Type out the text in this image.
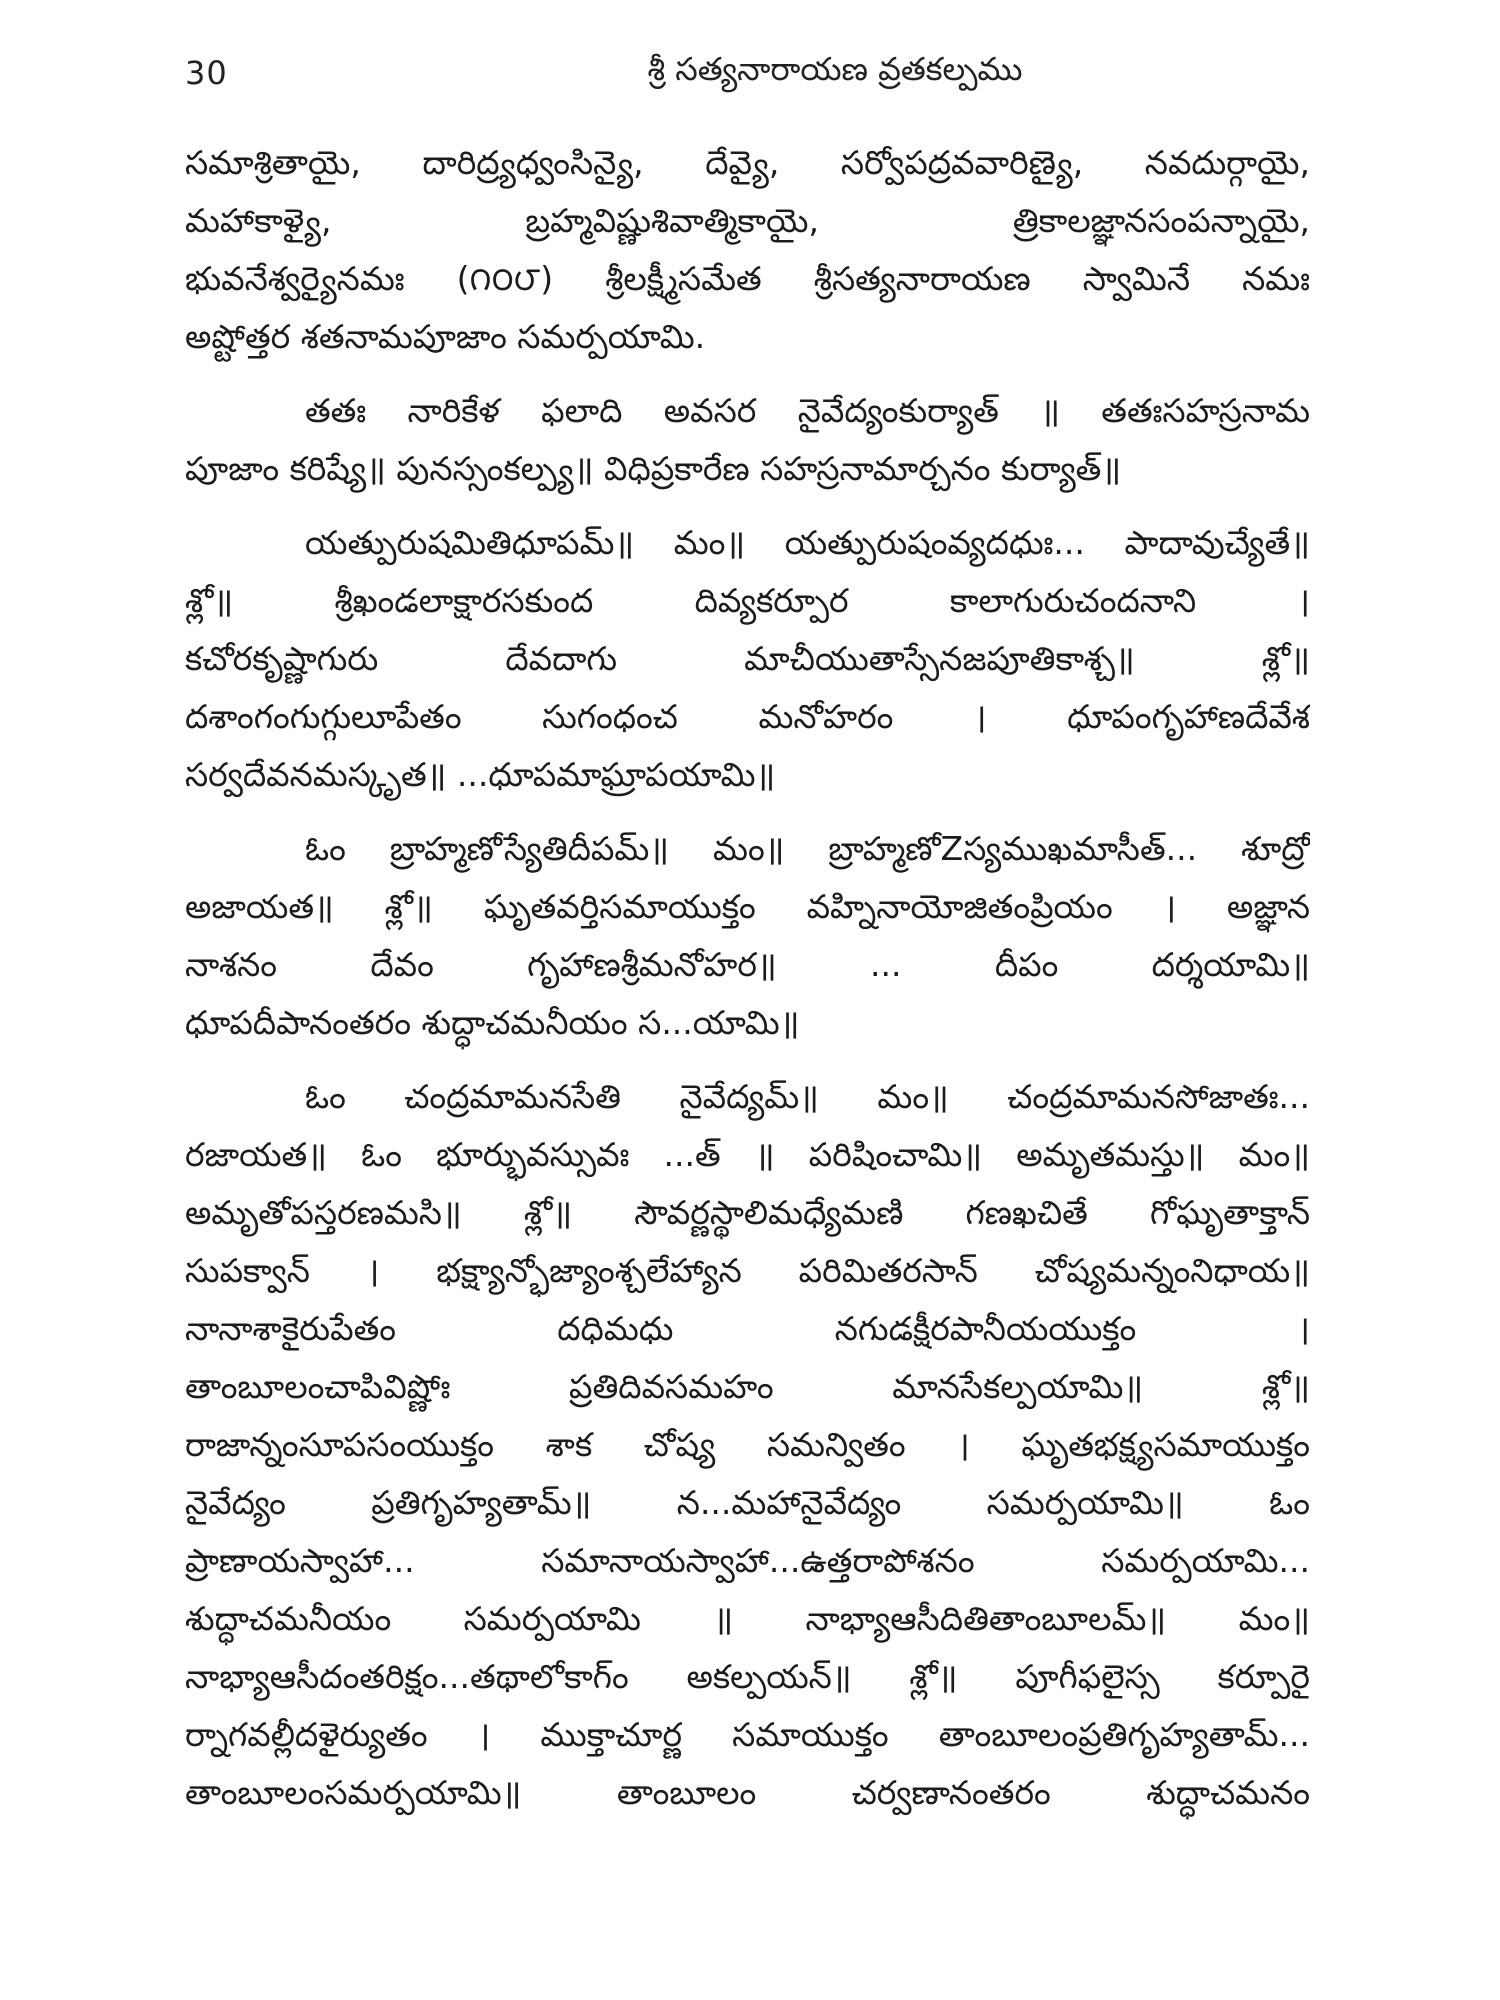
30	శ్రీ సత్యనారాయణ వ్రతకల్పము
సమాశ్రితాయై, దారిద్ర్యధ్వంసిన్యై, దేవ్యై, సర్వోపద్రవవారిణ్యై, నవదుర్గాయై,
మహాకాళ్యై, బ్రహ్మవిష్ణుశివాత్మికాయై, త్రికాలజ్ఞానసంపన్నాయై,
భువనేశ్వర్యైనమః (౧౦౮) శ్రీలక్ష్మీసమేత శ్రీసత్యనారాయణ స్వామినే నమః
అష్టోత్తర శతనామపూజాం సమర్పయామి.
తతః నారికేళ ఫలాది అవసర నైవేద్యంకుర్యాత్ ॥ తతఃసహస్రనామ
పూజాం కరిష్యే॥ పునస్సంకల్ప్య॥ విధిప్రకారేణ సహస్రనామార్చనం కుర్యాత్॥
యత్పురుషమితిధూపమ్॥ మం॥ యత్పురుషంవ్యదధుః... పాదావుచ్యేతే॥
శ్లో॥ శ్రీఖండలాక్షారసకుంద దివ్యకర్పూర కాలాగురుచందనాని ।
కచోరకృష్ణాగురు దేవదాగు మాచీయుతాస్సేనజపూతికాశ్చ॥ శ్లో॥
దశాంగంగుగ్గులూపేతం సుగంధంచ మనోహరం । ధూపంగృహాణదేవేశ
సర్వదేవనమస్కృత॥ ...ధూపమాఘ్రాపయామి॥
ఓం బ్రాహ్మణోస్యేతిదీపమ్॥ మం॥ బ్రాహ్మణోZస్యముఖమాసీత్... శూద్రో
అజాయత॥ శ్లో॥ ఘృతవర్తిసమాయుక్తం వహ్నినాయోజితంప్రియం । అజ్ఞాన
నాశనం దేవం గృహాణశ్రీమనోహర॥ ... దీపం దర్శయామి॥
ధూపదీపానంతరం శుద్ధాచమనీయం స...యామి॥
ఓం చంద్రమామనసేతి నైవేద్యమ్॥ మం॥ చంద్రమామనసోజాతః...
రజాయత॥ ఓం భూర్భువస్సువః ...త్ ॥ పరిషించామి॥ అమృతమస్తు॥ మం॥
అమృతోపస్తరణమసి॥ శ్లో॥ సౌవర్ణస్థాలిమధ్యేమణి గణఖచితే గోఘృతాక్తాన్
సుపక్వాన్ । భక్ష్యాన్భోజ్యాంశ్చలేహ్యాన పరిమితరసాన్ చోష్యమన్నంనిధాయ॥
నానాశాకైరుపేతం దధిమధు నగుడక్షీరపానీయయుక్తం ।
తాంబూలంచాపివిష్ణోః ప్రతిదివసమహం మానసేకల్పయామి॥ శ్లో॥
రాజాన్నంసూపసంయుక్తం శాక చోష్య సమన్వితం । ఘృతభక్ష్యసమాయుక్తం
నైవేద్యం ప్రతిగృహ్యతామ్॥ న...మహానైవేద్యం సమర్పయామి॥ ఓం
ప్రాణాయస్వాహా... సమానాయస్వాహా...ఉత్తరాపోశనం సమర్పయామి...
శుద్ధాచమనీయం సమర్పయామి ॥ నాభ్యాఆసీదితితాంబూలమ్॥ మం॥
నాభ్యాఆసీదంతరిక్షం...తథాలోకాగ్ం అకల్పయన్॥ శ్లో॥ పూగీఫలైస్స కర్పూరై
ర్నాగవల్లీదళైర్యుతం । ముక్తాచూర్ణ సమాయుక్తం తాంబూలంప్రతిగృహ్యతామ్...
తాంబూలంసమర్పయామి॥ తాంబూలం చర్వణానంతరం శుద్ధాచమనం
